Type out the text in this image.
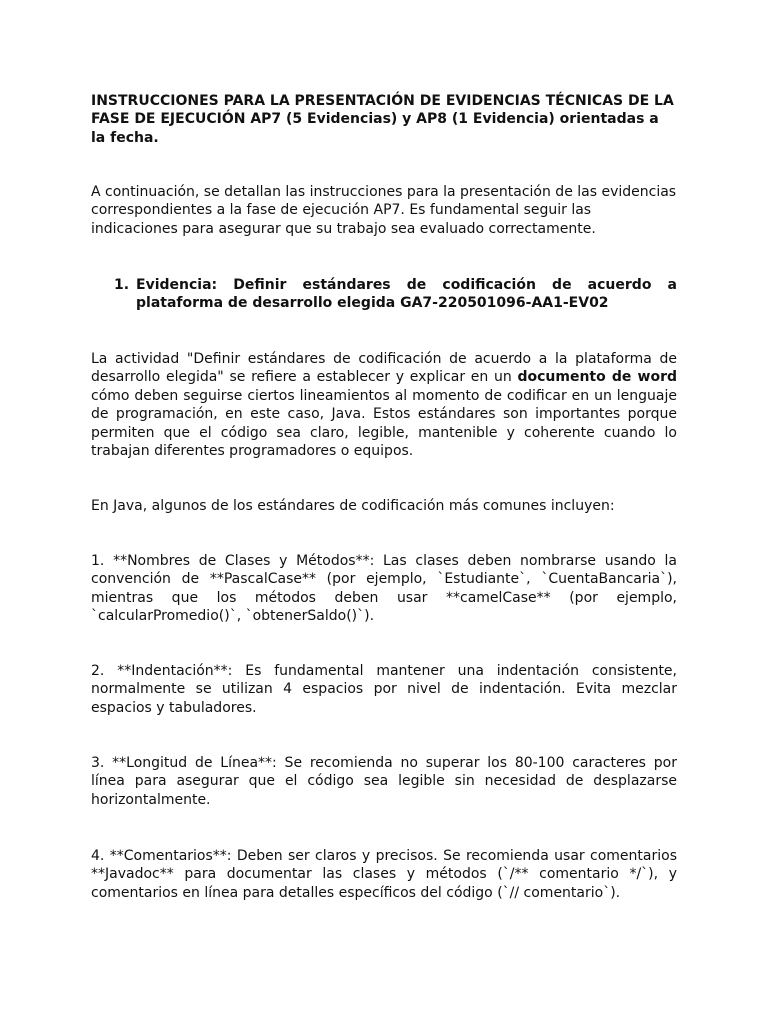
INSTRUCCIONES PARA LA PRESENTACIÓN DE EVIDENCIAS TÉCNICAS DE LA FASE DE EJECUCIÓN AP7 (5 Evidencias) y AP8 (1 Evidencia) orientadas a la fecha.
A continuación, se detallan las instrucciones para la presentación de las evidencias correspondientes a la fase de ejecución AP7. Es fundamental seguir las indicaciones para asegurar que su trabajo sea evaluado correctamente.
1. Evidencia: Definir estándares de codificación de acuerdo a plataforma de desarrollo elegida GA7-220501096-AA1-EV02
La actividad "Definir estándares de codificación de acuerdo a la plataforma de desarrollo elegida" se refiere a establecer y explicar en un documento de word cómo deben seguirse ciertos lineamientos al momento de codificar en un lenguaje de programación, en este caso, Java. Estos estándares son importantes porque permiten que el código sea claro, legible, mantenible y coherente cuando lo trabajan diferentes programadores o equipos.
En Java, algunos de los estándares de codificación más comunes incluyen:
1. **Nombres de Clases y Métodos**: Las clases deben nombrarse usando la convención de **PascalCase** (por ejemplo, `Estudiante`, `CuentaBancaria`), mientras que los métodos deben usar **camelCase** (por ejemplo, `calcularPromedio()`, `obtenerSaldo()`).
2. **Indentación**: Es fundamental mantener una indentación consistente, normalmente se utilizan 4 espacios por nivel de indentación. Evita mezclar espacios y tabuladores.
3. **Longitud de Línea**: Se recomienda no superar los 80-100 caracteres por línea para asegurar que el código sea legible sin necesidad de desplazarse horizontalmente.
4. **Comentarios**: Deben ser claros y precisos. Se recomienda usar comentarios **Javadoc** para documentar las clases y métodos (`/** comentario */`), y comentarios en línea para detalles específicos del código (`// comentario`).
